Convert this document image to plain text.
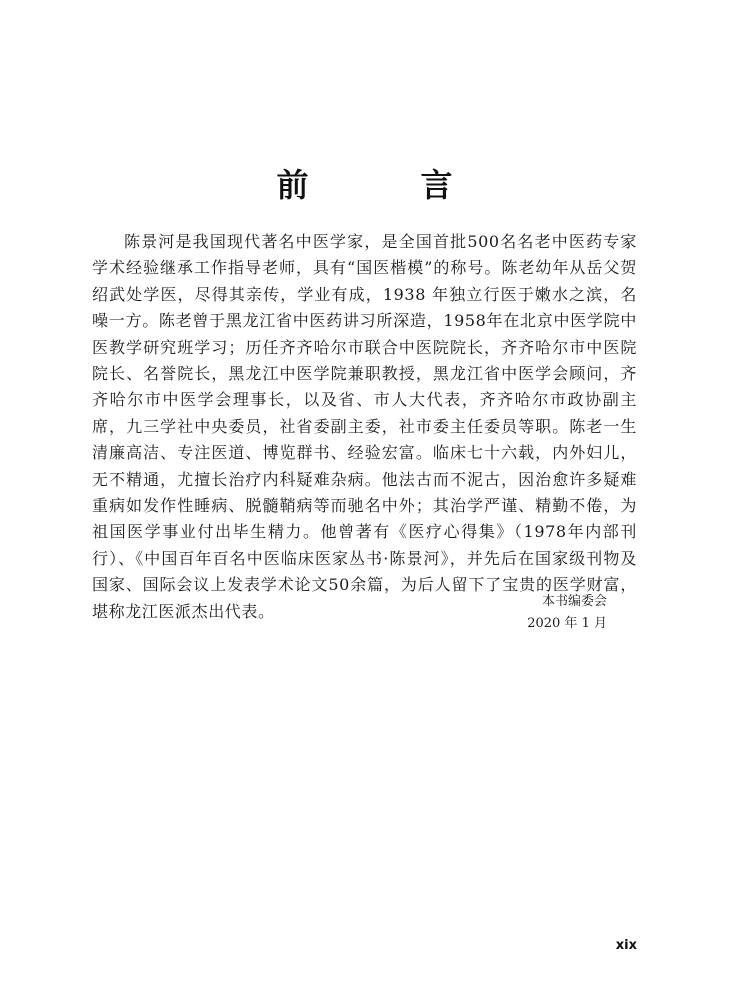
前　言

陈景河是我国现代著名中医学家，是全国首批500名名老中医药专家学术经验继承工作指导老师，具有“国医楷模”的称号。陈老幼年从岳父贺绍武处学医，尽得其亲传，学业有成，1938 年独立行医于嫩水之滨，名噪一方。陈老曾于黑龙江省中医药讲习所深造，1958年在北京中医学院中医教学研究班学习；历任齐齐哈尔市联合中医院院长，齐齐哈尔市中医院院长、名誉院长，黑龙江中医学院兼职教授，黑龙江省中医学会顾问，齐齐哈尔市中医学会理事长，以及省、市人大代表，齐齐哈尔市政协副主席，九三学社中央委员，社省委副主委，社市委主任委员等职。陈老一生清廉高洁、专注医道、博览群书、经验宏富。临床七十六载，内外妇儿，无不精通，尤擅长治疗内科疑难杂病。他法古而不泥古，因治愈许多疑难重病如发作性睡病、脱髓鞘病等而驰名中外；其治学严谨、精勤不倦，为祖国医学事业付出毕生精力。他曾著有《医疗心得集》（1978年内部刊行）、《中国百年百名中医临床医家丛书·陈景河》，并先后在国家级刊物及国家、国际会议上发表学术论文50余篇，为后人留下了宝贵的医学财富，堪称龙江医派杰出代表。

本书编委会

2020 年 1 月

xix
